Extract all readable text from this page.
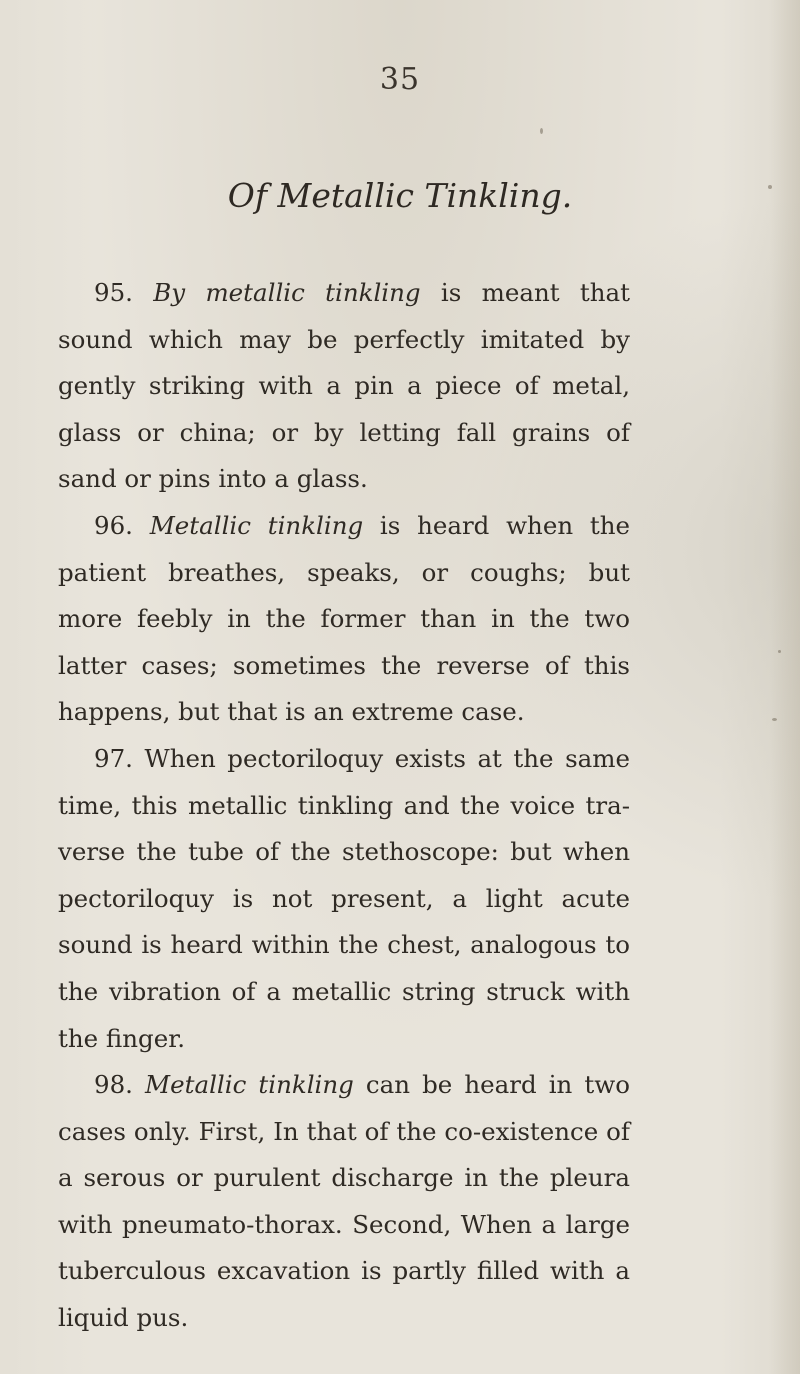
35
Of Metallic Tinkling.

95. By metallic tinkling is meant that sound which may be perfectly imitated by gently striking with a pin a piece of metal, glass or china; or by letting fall grains of sand or pins into a glass.

96. Metallic tinkling is heard when the patient breathes, speaks, or coughs; but more feebly in the former than in the two latter cases; sometimes the reverse of this happens, but that is an extreme case.

97. When pectoriloquy exists at the same time, this metallic tinkling and the voice tra-verse the tube of the stethoscope: but when pectoriloquy is not present, a light acute sound is heard within the chest, analogous to the vibration of a metallic string struck with the finger.

98. Metallic tinkling can be heard in two cases only. First, In that of the co-existence of a serous or purulent discharge in the pleura with pneumato-thorax. Second, When a large tuberculous excavation is partly filled with a liquid pus.
